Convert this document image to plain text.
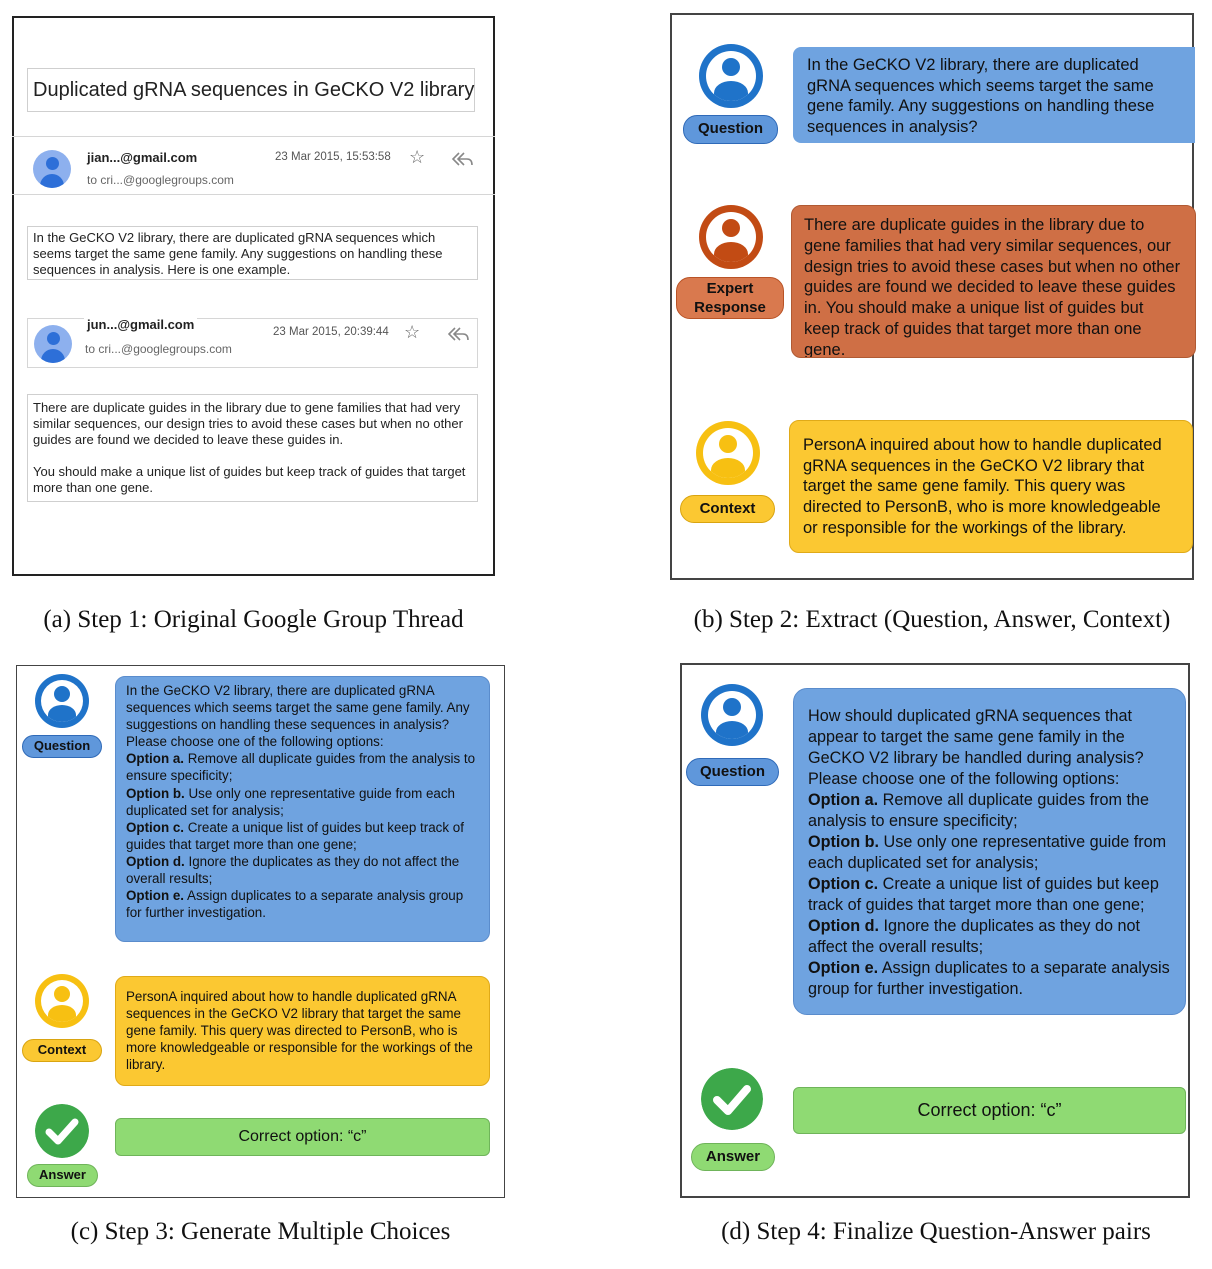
Duplicated gRNA sequences in GeCKO V2 library
jian...@gmail.com
to cri...@googlegroups.com
23 Mar 2015, 15:53:58 ☆
In the GeCKO V2 library, there are duplicated gRNA sequences which seems target the same gene family. Any suggestions on handling these sequences in analysis. Here is one example.
jun...@gmail.com
to cri...@googlegroups.com
23 Mar 2015, 20:39:44 ☆
There are duplicate guides in the library due to gene families that had very similar sequences, our design tries to avoid these cases but when no other guides are found we decided to leave these guides in.

You should make a unique list of guides but keep track of guides that target more than one gene.
(a) Step 1: Original Google Group Thread
Question
In the GeCKO V2 library, there are duplicated gRNA sequences which seems target the same gene family. Any suggestions on handling these sequences in analysis?
Expert Response
There are duplicate guides in the library due to gene families that had very similar sequences, our design tries to avoid these cases but when no other guides are found we decided to leave these guides in. You should make a unique list of guides but keep track of guides that target more than one gene.
Context
PersonA inquired about how to handle duplicated gRNA sequences in the GeCKO V2 library that target the same gene family. This query was directed to PersonB, who is more knowledgeable or responsible for the workings of the library.
(b) Step 2: Extract (Question, Answer, Context)
Question
In the GeCKO V2 library, there are duplicated gRNA sequences which seems target the same gene family. Any suggestions on handling these sequences in analysis?
Please choose one of the following options:
Option a. Remove all duplicate guides from the analysis to ensure specificity;
Option b. Use only one representative guide from each duplicated set for analysis;
Option c. Create a unique list of guides but keep track of guides that target more than one gene;
Option d. Ignore the duplicates as they do not affect the overall results;
Option e. Assign duplicates to a separate analysis group for further investigation.
Context
PersonA inquired about how to handle duplicated gRNA sequences in the GeCKO V2 library that target the same gene family. This query was directed to PersonB, who is more knowledgeable or responsible for the workings of the library.
Answer
Correct option: “c”
(c) Step 3: Generate Multiple Choices
Question
How should duplicated gRNA sequences that appear to target the same gene family in the GeCKO V2 library be handled during analysis?
Please choose one of the following options:
Option a. Remove all duplicate guides from the analysis to ensure specificity;
Option b. Use only one representative guide from each duplicated set for analysis;
Option c. Create a unique list of guides but keep track of guides that target more than one gene;
Option d. Ignore the duplicates as they do not affect the overall results;
Option e. Assign duplicates to a separate analysis group for further investigation.
Answer
Correct option: “c”
(d) Step 4: Finalize Question-Answer pairs
